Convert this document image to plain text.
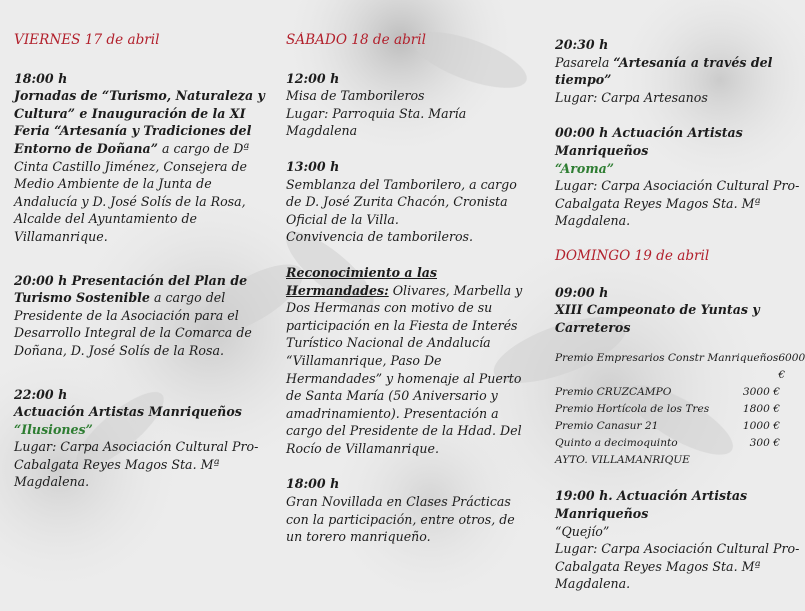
VIERNES 17 de abril
18:00 h
Jornadas de “Turismo, Naturaleza y Cultura” e Inauguración de la XI Feria “Artesanía y Tradiciones del Entorno de Doñana” a cargo de Dª Cinta Castillo Jiménez, Consejera de Medio Ambiente de la Junta de Andalucía y D. José Solís de la Rosa, Alcalde del Ayuntamiento de Villamanrique.
20:00 h Presentación del Plan de Turismo Sostenible a cargo del Presidente de la Asociación para el Desarrollo Integral de la Comarca de Doñana, D. José Solís de la Rosa.
22:00 h
Actuación Artistas Manriqueños
“Ilusiones”
Lugar: Carpa Asociación Cultural Pro-Cabalgata Reyes Magos Sta. Mª Magdalena.
SÁBADO 18 de abril
12:00 h
Misa de Tamborileros
Lugar: Parroquia Sta. María Magdalena
13:00 h
Semblanza del Tamborilero, a cargo de D. José Zurita Chacón, Cronista Oficial de la Villa.
Convivencia de tamborileros.
Reconocimiento a las Hermandades: Olivares, Marbella y Dos Hermanas con motivo de su participación en la Fiesta de Interés Turístico Nacional de Andalucía “Villamanrique, Paso De Hermandades” y homenaje al Puerto de Santa María (50 Aniversario y amadrinamiento). Presentación a cargo del Presidente de la Hdad. Del Rocío de Villamanrique.
18:00 h
Gran Novillada en Clases Prácticas con la participación, entre otros, de un torero manriqueño.
20:30 h
Pasarela “Artesanía a través del tiempo”
Lugar: Carpa Artesanos
00:00 h Actuación Artistas Manriqueños
“Aroma”
Lugar: Carpa Asociación Cultural Pro-Cabalgata Reyes Magos Sta. Mª Magdalena.
DOMINGO 19 de abril
09:00 h
XIII Campeonato de Yuntas y Carreteros
Premio Empresarios Constr Manriqueños 6000 €
Premio CRUZCAMPO	3000 €
Premio Hortícola de los Tres	1800 €
Premio Canasur 21	1000 €
Quinto a decimoquinto	300 €
AYTO. VILLAMANRIQUE
19:00 h. Actuación Artistas Manriqueños
“Quejío”
Lugar: Carpa Asociación Cultural Pro-Cabalgata Reyes Magos Sta. Mª Magdalena.
